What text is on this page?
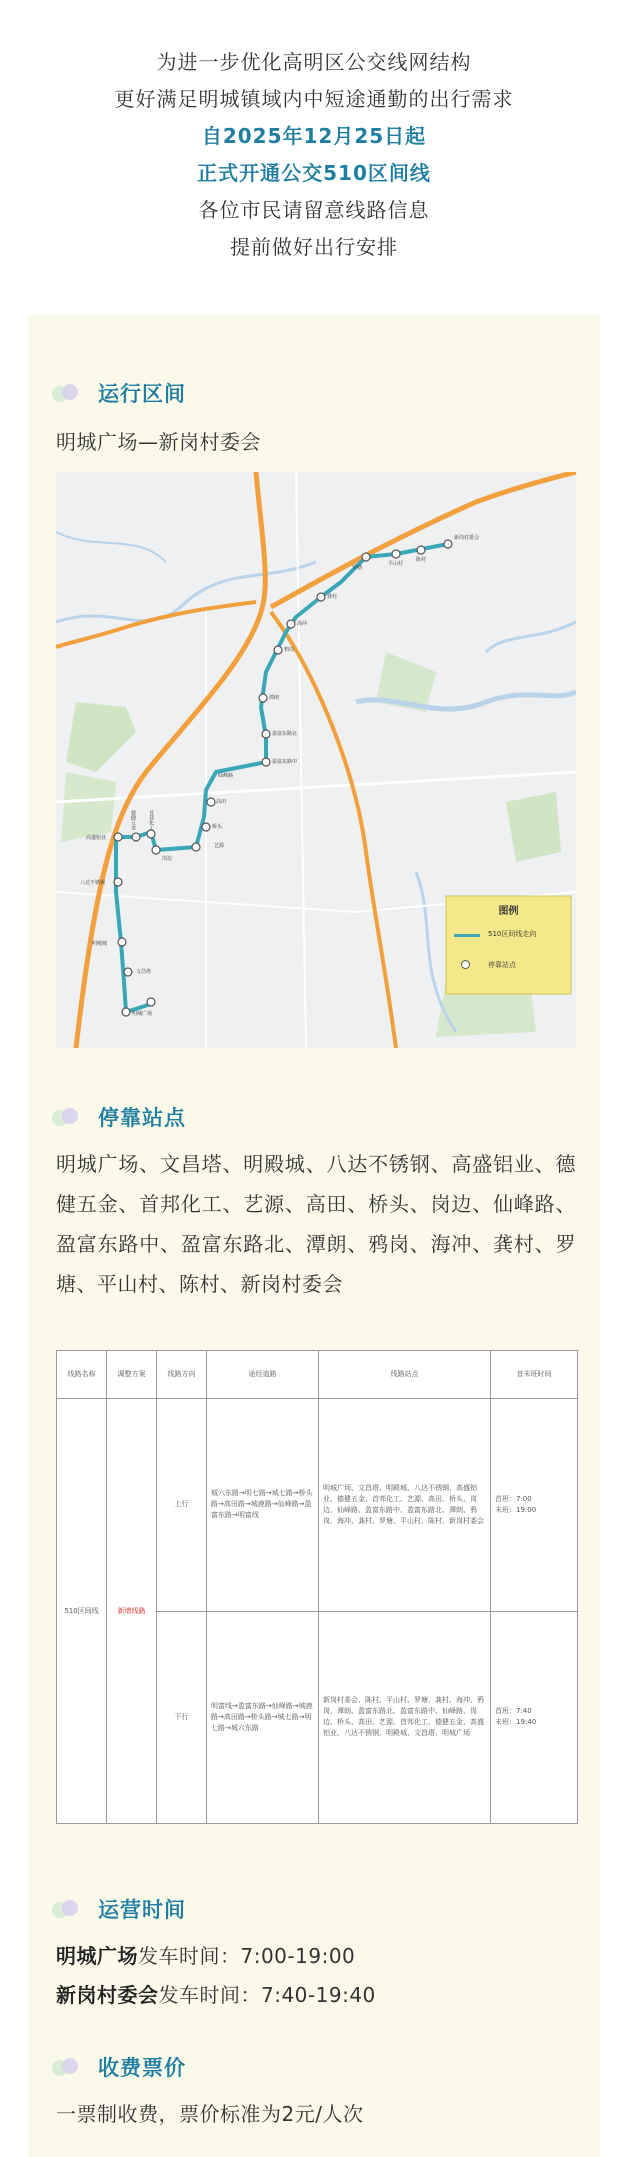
为进一步优化高明区公交线网结构

更好满足明城镇域内中短途通勤的出行需求

自2025年12月25日起

正式开通公交510区间线

各位市民请留意线路信息

提前做好出行安排

运行区间
明城广场—新岗村委会
图例
510区间线走向
停靠站点
新岗村委会
陈村
平山村
罗塘
龚村
海冲
鸦岗
潭朗
盈富东路北
盈富东路中
仙峰路
高田
艺源
桥头
岗边
首邦化工
德健五金
高盛铝业
八达不锈钢
明殿城
文昌塔
明城广场
停靠站点
明城广场、文昌塔、明殿城、八达不锈钢、高盛铝业、德健五金、首邦化工、艺源、高田、桥头、岗边、仙峰路、盈富东路中、盈富东路北、潭朗、鸦岗、海冲、龚村、罗塘、平山村、陈村、新岗村委会
线路名称	调整方案	线路方向	途经道路	线路站点	首末班时间
510区间线	新增线路	上行	城六东路→明七路→城七路→桥头路→高田路→城鹿路→仙峰路→盈富东路→明富线	明城广场、文昌塔、明殿城、八达不锈钢、高盛铝业、德健五金、首邦化工、艺源、高田、桥头、岗边、仙峰路、盈富东路中、盈富东路北、潭朗、鸦岗、海冲、龚村、罗塘、平山村、陈村、新岗村委会	首班：7:00
末班：19:00

		下行	明富线→盈富东路→仙峰路→城鹿路→高田路→桥头路→城七路→明七路→城六东路	新岗村委会、陈村、平山村、罗塘、龚村、海冲、鸦岗、潭朗、盈富东路北、盈富东路中、仙峰路、岗边、桥头、高田、艺源、首邦化工、德健五金、高盛铝业、八达不锈钢、明殿城、文昌塔、明城广场	首班：7:40
末班：19:40
运营时间
明城广场发车时间：7:00-19:00
新岗村委会发车时间：7:40-19:40
收费票价
一票制收费，票价标准为2元/人次
